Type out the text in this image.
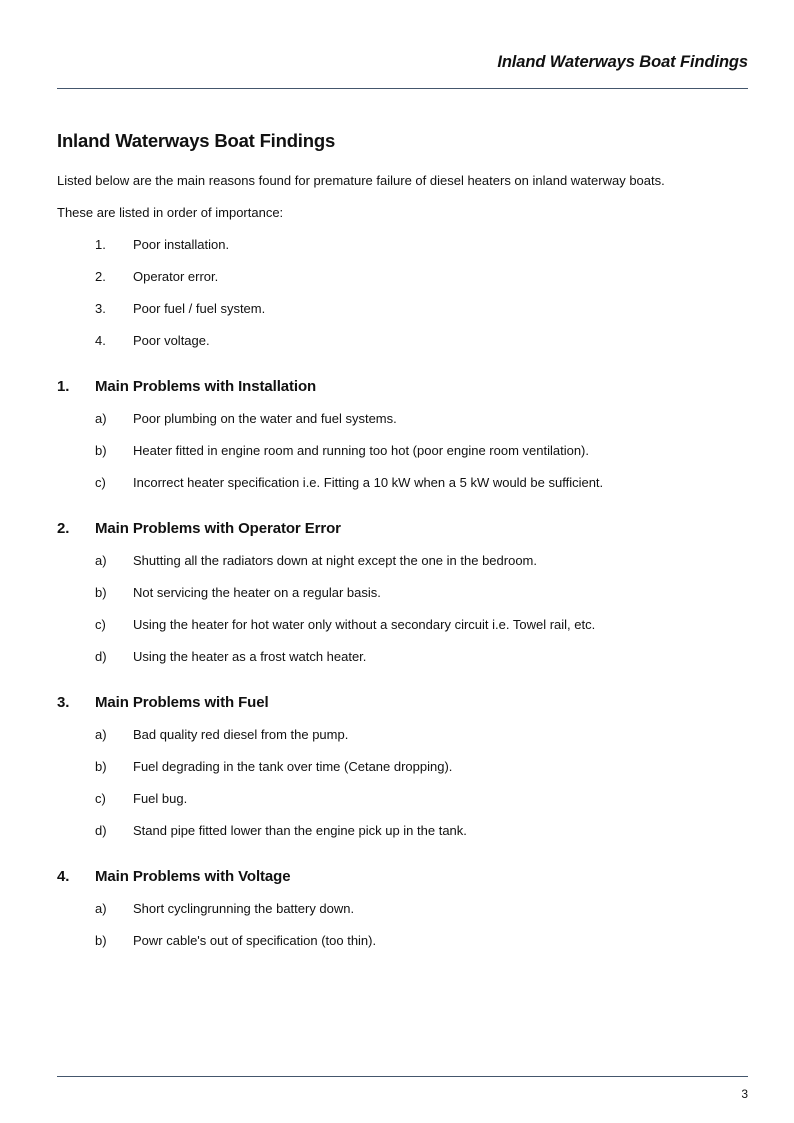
Inland Waterways Boat Findings
Inland Waterways Boat Findings

Listed below are the main reasons found for premature failure of diesel heaters on inland waterway boats.

These are listed in order of importance:

1.	Poor installation.
2.	Operator error.
3.	Poor fuel / fuel system.
4.	Poor voltage.
1.	Main Problems with Installation
a)	Poor plumbing on the water and fuel systems.
b)	Heater fitted in engine room and running too hot (poor engine room ventilation).
c)	Incorrect heater specification i.e. Fitting a 10 kW when a 5 kW would be sufficient.
2.	Main Problems with Operator Error
a)	Shutting all the radiators down at night except the one in the bedroom.
b)	Not servicing the heater on a regular basis.
c)	Using the heater for hot water only without a secondary circuit i.e. Towel rail, etc.
d)	Using the heater as a frost watch heater.
3.	Main Problems with Fuel
a)	Bad quality red diesel from the pump.
b)	Fuel degrading in the tank over time (Cetane dropping).
c)	Fuel bug.
d)	Stand pipe fitted lower than the engine pick up in the tank.
4.	Main Problems with Voltage
a)	Short cyclingrunning the battery down.
b)	Powr cable's out of specification (too thin).
3
